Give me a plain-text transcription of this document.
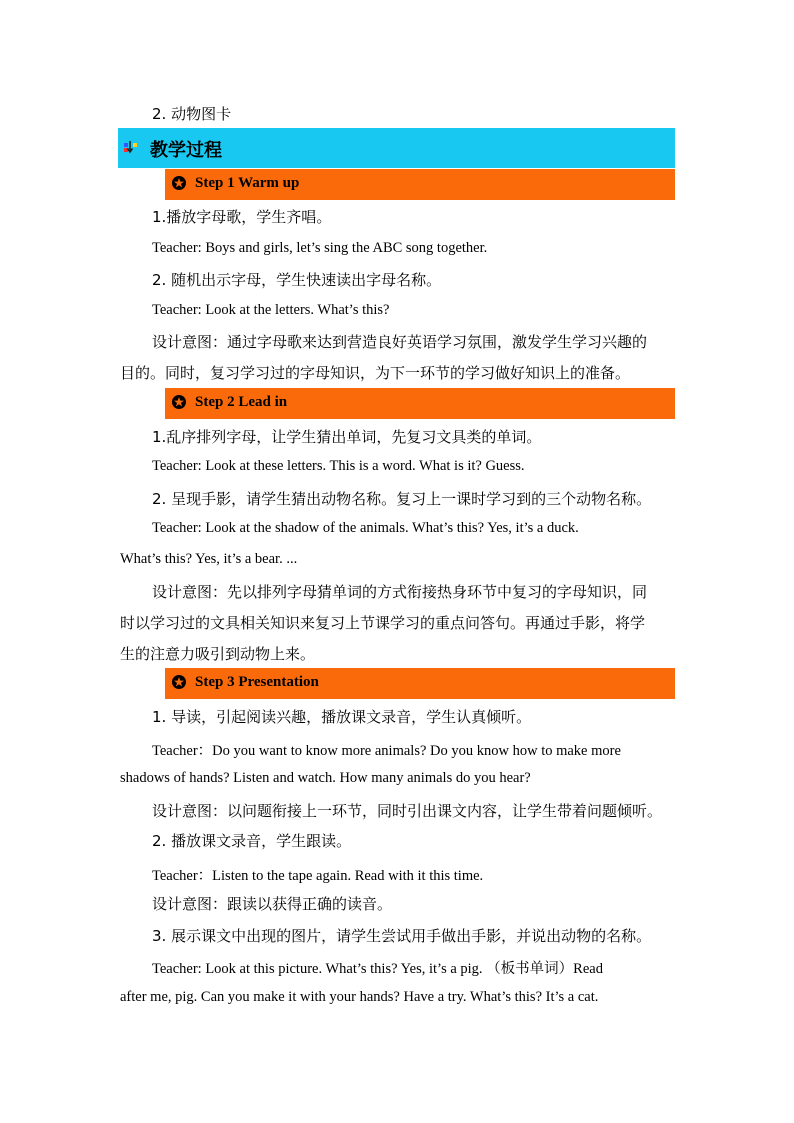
2. 动物图卡
教学过程
Step 1 Warm up
1.播放字母歌，学生齐唱。
Teacher: Boys and girls, let’s sing the ABC song together.
2. 随机出示字母，学生快速读出字母名称。
Teacher: Look at the letters. What’s this?
设计意图：通过字母歌来达到营造良好英语学习氛围，激发学生学习兴趣的
目的。同时，复习学习过的字母知识，为下一环节的学习做好知识上的准备。
Step 2 Lead in
1.乱序排列字母，让学生猜出单词，先复习文具类的单词。
Teacher: Look at these letters. This is a word. What is it? Guess.
2. 呈现手影，请学生猜出动物名称。复习上一课时学习到的三个动物名称。
Teacher: Look at the shadow of the animals. What’s this? Yes, it’s a duck.
What’s this? Yes, it’s a bear. ...
设计意图：先以排列字母猜单词的方式衔接热身环节中复习的字母知识，同
时以学习过的文具相关知识来复习上节课学习的重点问答句。再通过手影，将学
生的注意力吸引到动物上来。
Step 3 Presentation
1. 导读，引起阅读兴趣，播放课文录音，学生认真倾听。
Teacher：Do you want to know more animals? Do you know how to make more
shadows of hands? Listen and watch. How many animals do you hear?
设计意图：以问题衔接上一环节，同时引出课文内容，让学生带着问题倾听。
2. 播放课文录音，学生跟读。
Teacher：Listen to the tape again. Read with it this time.
设计意图：跟读以获得正确的读音。
3. 展示课文中出现的图片，请学生尝试用手做出手影，并说出动物的名称。
Teacher: Look at this picture. What’s this? Yes, it’s a pig. （板书单词）Read
after me, pig. Can you make it with your hands? Have a try. What’s this? It’s a cat.
